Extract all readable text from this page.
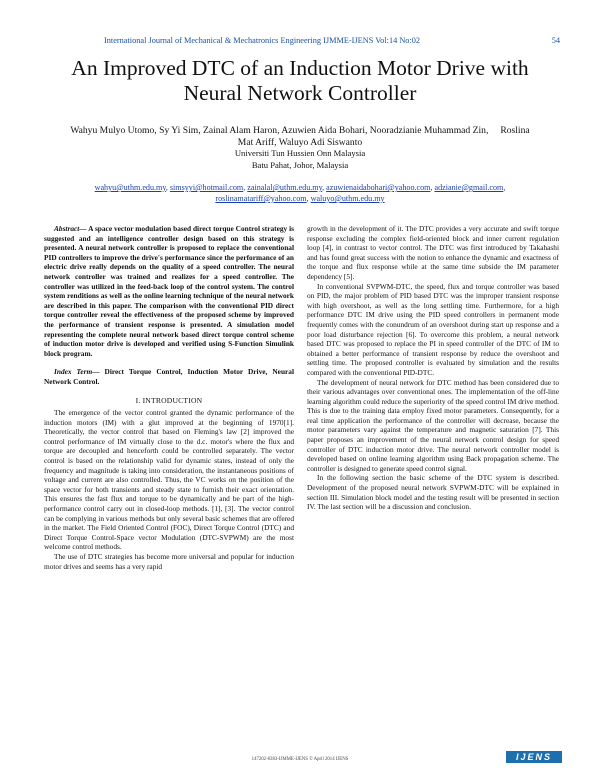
International Journal of Mechanical & Mechatronics Engineering IJMME-IJENS Vol:14 No:02	54
An Improved DTC of an Induction Motor Drive with
Neural Network Controller
Wahyu Mulyo Utomo, Sy Yi Sim, Zainal Alam Haron, Azuwien Aida Bohari, Nooradzianie Muhammad Zin,     Roslina
Mat Ariff, Waluyo Adi Siswanto
Universiti Tun Hussien Onn Malaysia
Batu Pahat, Johor, Malaysia
wahyu@uthm.edu.my, simsyyi@hotmail.com, zainalal@uthm.edu.my, azuwienaidabohari@yahoo.com, adzianie@gmail.com,
roslinamatariff@yahoo.com, waluyo@uthm.edu.my

Abstract— A space vector modulation based direct torque Control strategy is suggested and an intelligence controller design based on this strategy is presented. A neural network controller is proposed to replace the conventional PID controllers to improve the drive's performance since the performance of an electric drive really depends on the quality of a speed controller. The neural network controller was trained and realizes for a speed controller. The controller was utilized in the feed-back loop of the control system. The control system renditions as well as the online learning technique of the neural network are described in this paper. The comparison with the conventional PID direct torque controller reveal the effectiveness of the proposed scheme by improved the performance of transient response is presented. A simulation model representing the complete neural network based direct torque control scheme of induction motor drive is developed and verified using S-Function Simulink block program.

Index Term— Direct Torque Control, Induction Motor Drive, Neural Network Control.

I. INTRODUCTION

The emergence of the vector control granted the dynamic performance of the induction motors (IM) with a glut improved at the beginning of 1970[1]. Theoretically, the vector control that based on Fleming's law [2] improved the control performance of IM virtually close to the d.c. motor's where the flux and torque are decoupled and henceforth could be controlled separately. The vector control is based on the relationship valid for dynamic states, instead of only the frequency and magnitude is taking into consideration, the instantaneous positions of voltage and current are also controlled. Thus, the VC works on the position of the space vector for both transients and steady state to furnish their exact orientation. This ensures the fast flux and torque to be dynamically and be part of the high-performance control carry out in closed-loop methods. [1], [3]. The vector control can be complying in various methods but only several basic schemes that are offered in the market. The Field Oriented Control (FOC), Direct Torque Control (DTC) and Direct Torque Control-Space vector Modulation (DTC-SVPWM) are the most welcome control methods.

The use of DTC strategies has become more universal and popular for induction motor drives and seems has a very rapid

growth in the development of it. The DTC provides a very accurate and swift torque response excluding the complex field-oriented block and inner current regulation loop [4], in contrast to vector control. The DTC was first introduced by Takahashi and has found great success with the notion to enhance the dynamic and exactness of the torque and flux response while at the same time subside the IM parameter dependency [5].

In conventional SVPWM-DTC, the speed, flux and torque controller was based on PID, the major problem of PID based DTC was the improper transient response with high overshoot, as well as the long settling time. Furthermore, for a high performance DTC IM drive using the PID speed controllers in permanent mode frequently comes with the conundrum of an overshoot during start up response and a poor load disturbance rejection [6]. To overcome this problem, a neural network based DTC was proposed to replace the PI in speed controller of the DTC of IM to obtained a better performance of transient response by reduce the overshoot and settling time. The proposed controller is evaluated by simulation and the results compared with the conventional PID-DTC.

The development of neural network for DTC method has been considered due to their various advantages over conventional ones. The implementation of the off-line learning algorithm could reduce the superiority of the speed control IM drive method. This is due to the training data employ fixed motor parameters. Consequently, for a real time application the performance of the controller will decrease, because the motor parameters vary against the temperature and magnetic saturation [7]. This paper proposes an improvement of the neural network control design for speed controller of DTC induction motor drive. The neural network controller model is developed based on online learning algorithm using Back propagation scheme. The controller is designed to generate speed control signal.

In the following section the basic scheme of the DTC system is described. Development of the proposed neural network SVPWM-DTC will be explained in section III. Simulation block model and the testing result will be presented in section IV. The last section will be a discussion and conclusion.

147202-8383-IJMME-IJENS © April 2014 IJENS	IJENS
